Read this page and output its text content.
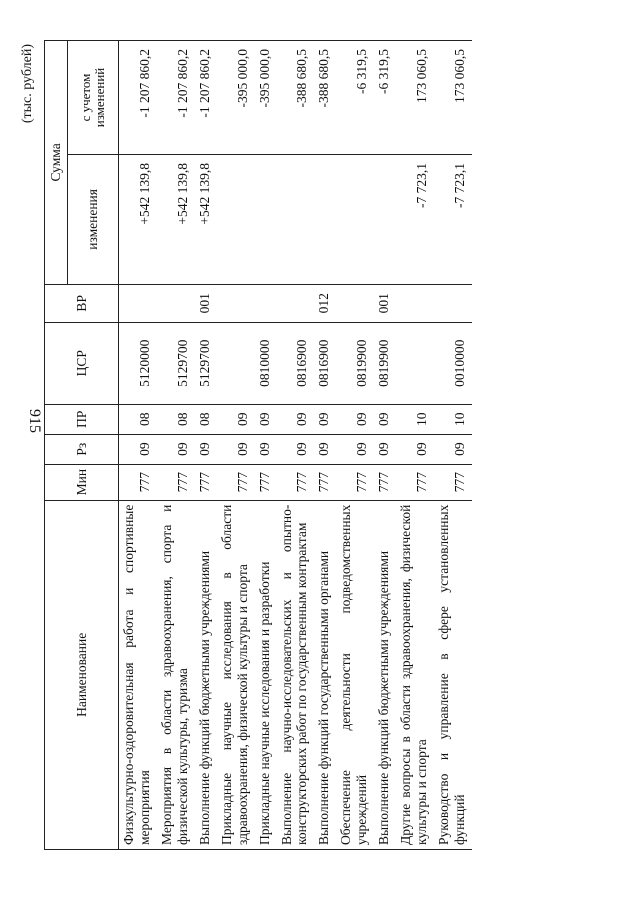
(тыс. рублей)
Наименование	Мин	Рз	ПР	ЦСР	ВР	Сумма	
						изменения	с учетом изменений
Физкультурно-оздоровительная работа и спортивные мероприятия	777	09	08	5120000		+542 139,8	-1 207 860,2
Мероприятия в области здравоохранения, спорта и физической культуры, туризма	777	09	08	5129700		+542 139,8	-1 207 860,2
Выполнение функций бюджетными учреждениями	777	09	08	5129700	001	+542 139,8	-1 207 860,2
Прикладные научные исследования в области здравоохранения, физической культуры и спорта	777	09	09				-395 000,0
Прикладные научные исследования и разработки	777	09	09	0810000			-395 000,0
Выполнение научно-исследовательских и опытно-конструкторских работ по государственным контрактам	777	09	09	0816900			-388 680,5
Выполнение функций государственными органами	777	09	09	0816900	012		-388 680,5
Обеспечение деятельности подведомственных учреждений	777	09	09	0819900			-6 319,5
Выполнение функций бюджетными учреждениями	777	09	09	0819900	001		-6 319,5
Другие вопросы в области здравоохранения, физической культуры и спорта	777	09	10			-7 723,1	173 060,5
Руководство и управление в сфере установленных функций	777	09	10	0010000		-7 723,1	173 060,5
915
